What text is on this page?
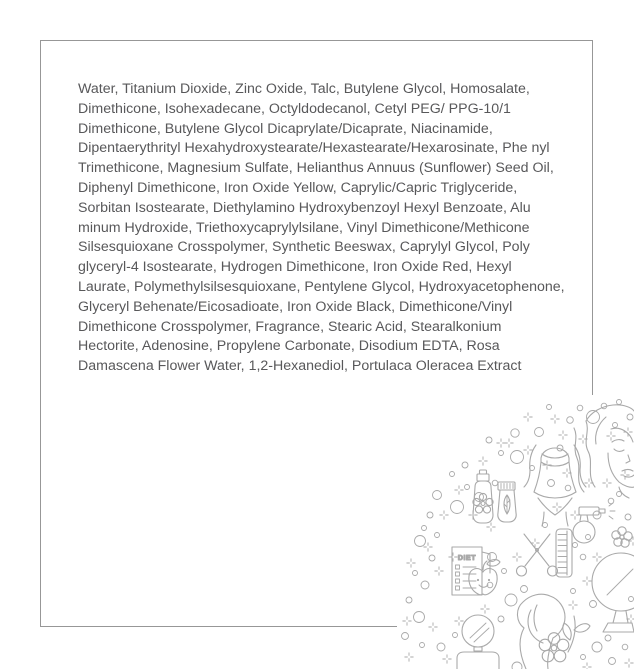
Water, Titanium Dioxide, Zinc Oxide, Talc, Butylene Glycol, Homosalate,
Dimethicone, Isohexadecane, Octyldodecanol, Cetyl PEG/ PPG-10/1
Dimethicone, Butylene Glycol Dicaprylate/Dicaprate, Niacinamide,
Dipentaerythrityl Hexahydroxystearate/Hexastearate/Hexarosinate, Phe nyl
Trimethicone, Magnesium Sulfate, Helianthus Annuus (Sunflower) Seed Oil,
Diphenyl Dimethicone, Iron Oxide Yellow, Caprylic/Capric Triglyceride,
Sorbitan Isostearate, Diethylamino Hydroxybenzoyl Hexyl Benzoate, Alu
minum Hydroxide, Triethoxycaprylylsilane, Vinyl Dimethicone/Methicone
Silsesquioxane Crosspolymer, Synthetic Beeswax, Caprylyl Glycol, Poly
glyceryl-4 Isostearate, Hydrogen Dimethicone, Iron Oxide Red, Hexyl
Laurate, Polymethylsilsesquioxane, Pentylene Glycol, Hydroxyacetophenone,
Glyceryl Behenate/Eicosadioate, Iron Oxide Black, Dimethicone/Vinyl
Dimethicone Crosspolymer, Fragrance, Stearic Acid, Stearalkonium
Hectorite, Adenosine, Propylene Carbonate, Disodium EDTA, Rosa
Damascena Flower Water, 1,2-Hexanediol, Portulaca Oleracea Extract
DIET
